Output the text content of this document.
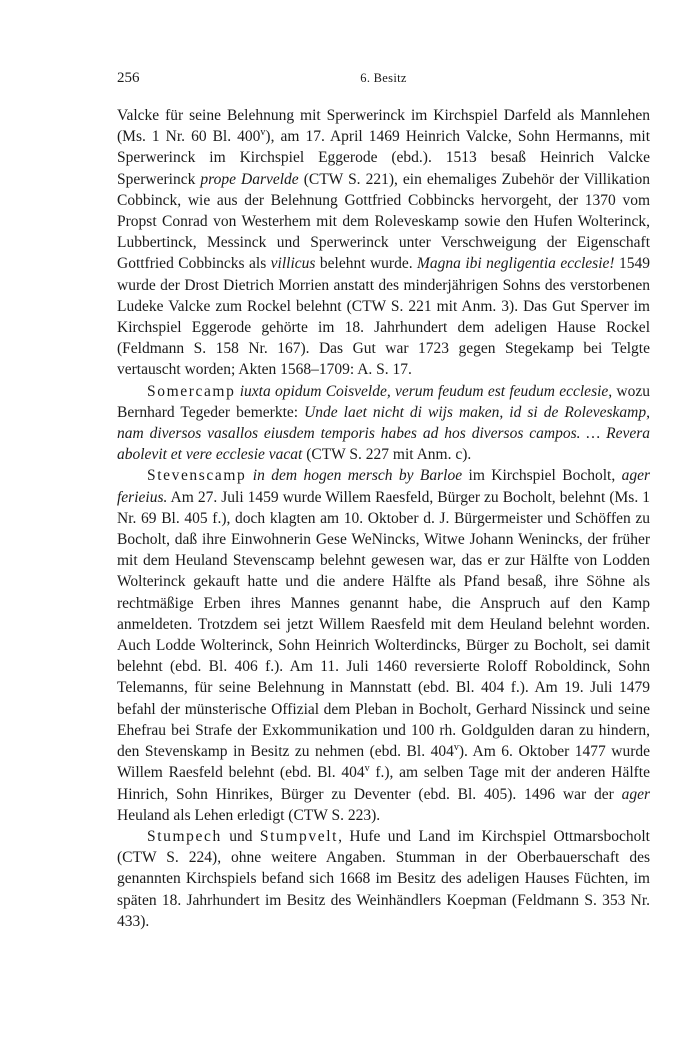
256	6. Besitz

Valcke für seine Belehnung mit Sperwerinck im Kirchspiel Darfeld als Mannlehen (Ms. 1 Nr. 60 Bl. 400$^v$), am 17. April 1469 Heinrich Valcke, Sohn Hermanns, mit Sperwerinck im Kirchspiel Eggerode (ebd.). 1513 besaß Heinrich Valcke Sperwerinck prope Darvelde (CTW S. 221), ein ehemaliges Zubehör der Villikation Cobbinck, wie aus der Belehnung Gottfried Cobbincks hervorgeht, der 1370 vom Propst Conrad von Westerhem mit dem Roleveskamp sowie den Hufen Wolterinck, Lubbertinck, Messinck und Sperwerinck unter Verschweigung der Eigenschaft Gottfried Cobbincks als villicus belehnt wurde. Magna ibi negligentia ecclesie! 1549 wurde der Drost Dietrich Morrien anstatt des minderjährigen Sohns des verstorbenen Ludeke Valcke zum Rockel belehnt (CTW S. 221 mit Anm. 3). Das Gut Sperver im Kirchspiel Eggerode gehörte im 18. Jahrhundert dem adeligen Hause Rockel (Feldmann S. 158 Nr. 167). Das Gut war 1723 gegen Stegekamp bei Telgte vertauscht worden; Akten 1568–1709: A. S. 17.

Somercamp iuxta opidum Coisvelde, verum feudum est feudum ecclesie, wozu Bernhard Tegeder bemerkte: Unde laet nicht di wijs maken, id si de Roleveskamp, nam diversos vasallos eiusdem temporis habes ad hos diversos campos. … Revera abolevit et vere ecclesie vacat (CTW S. 227 mit Anm. c).

Stevenscamp in dem hogen mersch by Barloe im Kirchspiel Bocholt, ager ferieius. Am 27. Juli 1459 wurde Willem Raesfeld, Bürger zu Bocholt, belehnt (Ms. 1 Nr. 69 Bl. 405 f.), doch klagten am 10. Oktober d. J. Bürgermeister und Schöffen zu Bocholt, daß ihre Einwohnerin Gese WeNincks, Witwe Johann Wenincks, der früher mit dem Heuland Stevenscamp belehnt gewesen war, das er zur Hälfte von Lodden Wolterinck gekauft hatte und die andere Hälfte als Pfand besaß, ihre Söhne als rechtmäßige Erben ihres Mannes genannt habe, die Anspruch auf den Kamp anmeldeten. Trotzdem sei jetzt Willem Raesfeld mit dem Heuland belehnt worden. Auch Lodde Wolterinck, Sohn Heinrich Wolterdincks, Bürger zu Bocholt, sei damit belehnt (ebd. Bl. 406 f.). Am 11. Juli 1460 reversierte Roloff Roboldinck, Sohn Telemanns, für seine Belehnung in Mannstatt (ebd. Bl. 404 f.). Am 19. Juli 1479 befahl der münsterische Offizial dem Pleban in Bocholt, Gerhard Nissinck und seine Ehefrau bei Strafe der Exkommunikation und 100 rh. Goldgulden daran zu hindern, den Stevenskamp in Besitz zu nehmen (ebd. Bl. 404$^v$). Am 6. Oktober 1477 wurde Willem Raesfeld belehnt (ebd. Bl. 404$^v$ f.), am selben Tage mit der anderen Hälfte Hinrich, Sohn Hinrikes, Bürger zu Deventer (ebd. Bl. 405). 1496 war der ager Heuland als Lehen erledigt (CTW S. 223).

Stumpech und Stumpvelt, Hufe und Land im Kirchspiel Ottmarsbocholt (CTW S. 224), ohne weitere Angaben. Stumman in der Oberbauerschaft des genannten Kirchspiels befand sich 1668 im Besitz des adeligen Hauses Füchten, im späten 18. Jahrhundert im Besitz des Weinhändlers Koepman (Feldmann S. 353 Nr. 433).
